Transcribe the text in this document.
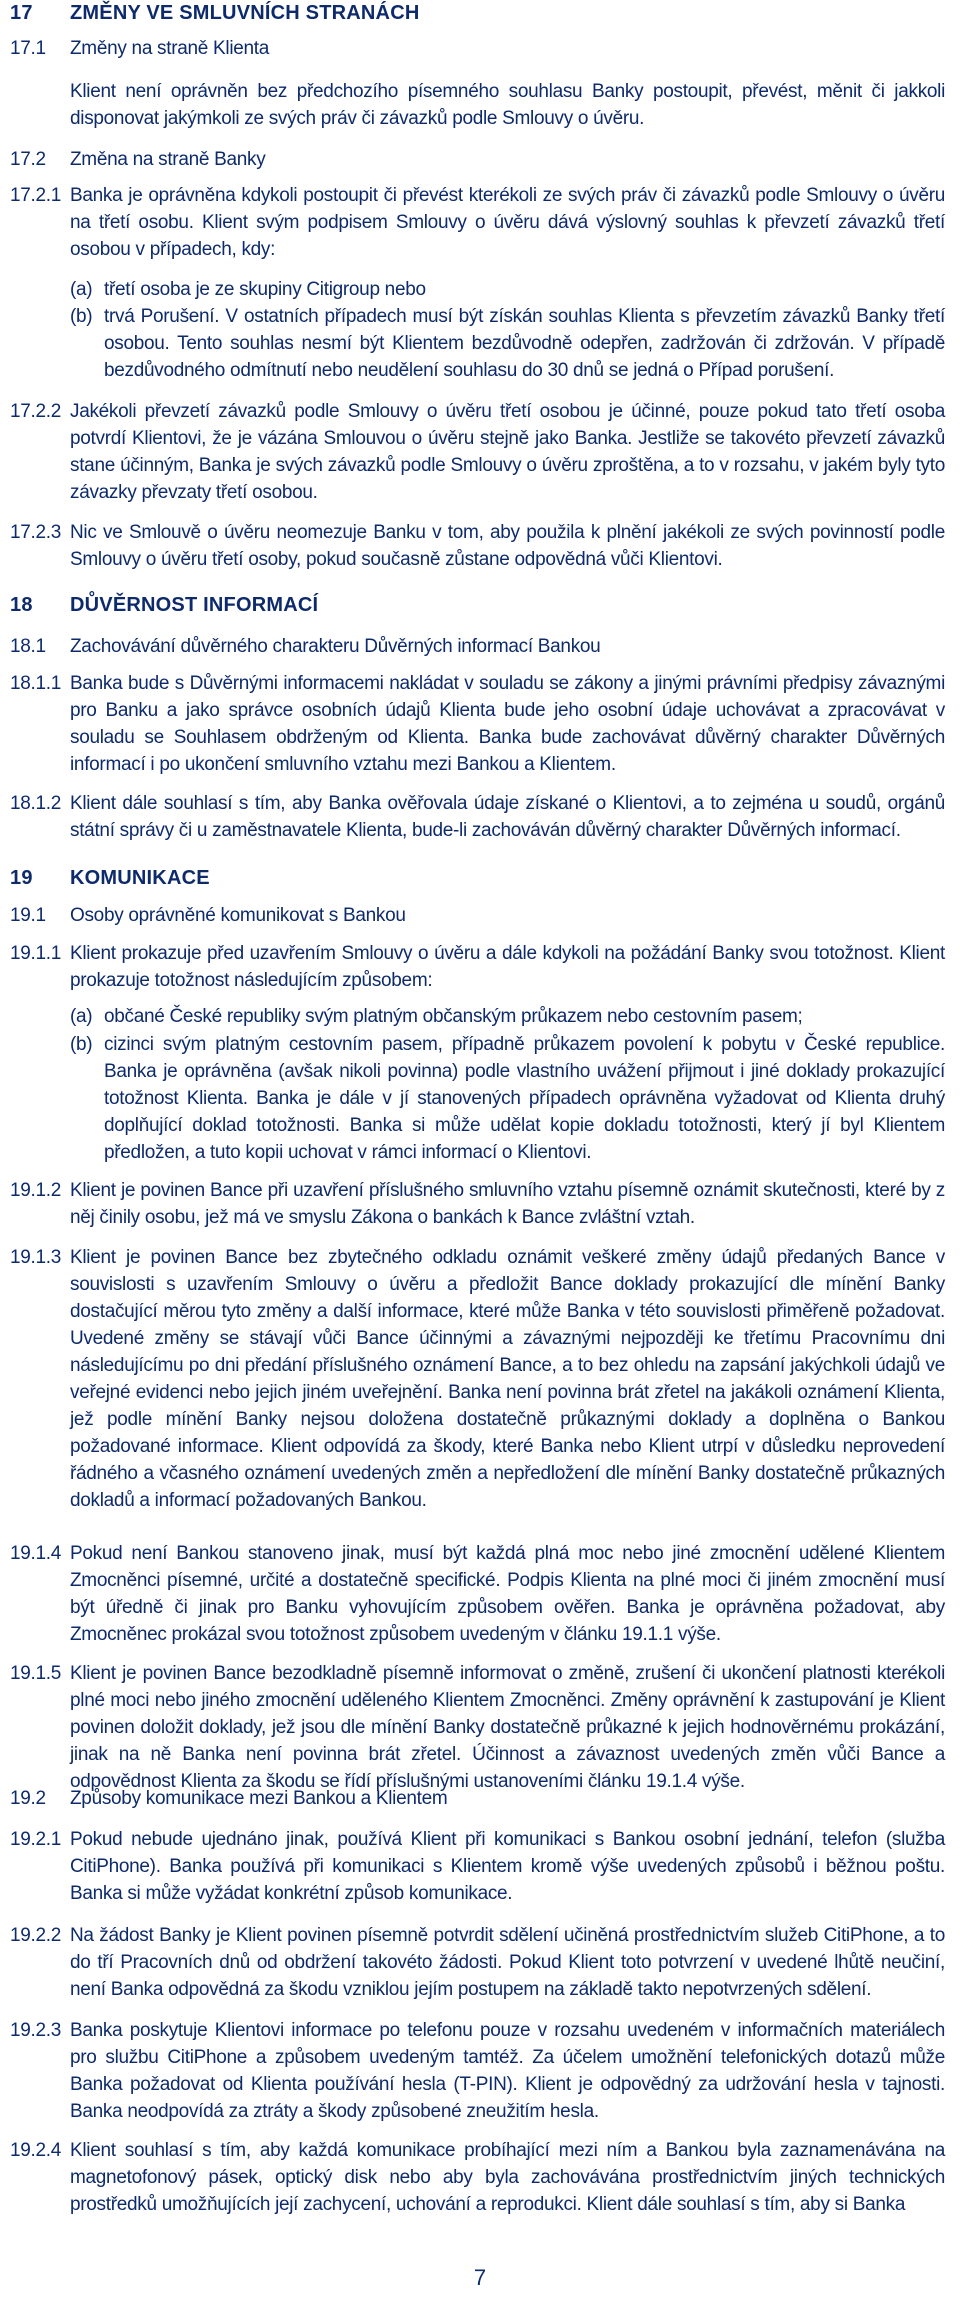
17	ZMĚNY VE SMLUVNÍCH STRANÁCH
17.1	Změny na straně Klienta
Klient není oprávněn bez předchozího písemného souhlasu Banky postoupit, převést, měnit či jakkoli disponovat jakýmkoli ze svých práv či závazků podle Smlouvy o úvěru.
17.2	Změna na straně Banky
17.2.1 Banka je oprávněna kdykoli postoupit či převést kterékoli ze svých práv či závazků podle Smlouvy o úvěru na třetí osobu. Klient svým podpisem Smlouvy o úvěru dává výslovný souhlas k převzetí závazků třetí osobou v případech, kdy:
(a) třetí osoba je ze skupiny Citigroup nebo
(b) trvá Porušení. V ostatních případech musí být získán souhlas Klienta s převzetím závazků Banky třetí osobou. Tento souhlas nesmí být Klientem bezdůvodně odepřen, zadržován či zdržován. V případě bezdůvodného odmítnutí nebo neudělení souhlasu do 30 dnů se jedná o Případ porušení.
17.2.2 Jakékoli převzetí závazků podle Smlouvy o úvěru třetí osobou je účinné, pouze pokud tato třetí osoba potvrdí Klientovi, že je vázána Smlouvou o úvěru stejně jako Banka. Jestliže se takovéto převzetí závazků stane účinným, Banka je svých závazků podle Smlouvy o úvěru zproštěna, a to v rozsahu, v jakém byly tyto závazky převzaty třetí osobou.
17.2.3 Nic ve Smlouvě o úvěru neomezuje Banku v tom, aby použila k plnění jakékoli ze svých povinností podle Smlouvy o úvěru třetí osoby, pokud současně zůstane odpovědná vůči Klientovi.
18	DŮVĚRNOST INFORMACÍ
18.1	Zachovávání důvěrného charakteru Důvěrných informací Bankou
18.1.1 Banka bude s Důvěrnými informacemi nakládat v souladu se zákony a jinými právními předpisy závaznými pro Banku a jako správce osobních údajů Klienta bude jeho osobní údaje uchovávat a zpracovávat v souladu se Souhlasem obdrženým od Klienta. Banka bude zachovávat důvěrný charakter Důvěrných informací i po ukončení smluvního vztahu mezi Bankou a Klientem.
18.1.2 Klient dále souhlasí s tím, aby Banka ověřovala údaje získané o Klientovi, a to zejména u soudů, orgánů státní správy či u zaměstnavatele Klienta, bude-li zachováván důvěrný charakter Důvěrných informací.
19	KOMUNIKACE
19.1	Osoby oprávněné komunikovat s Bankou
19.1.1 Klient prokazuje před uzavřením Smlouvy o úvěru a dále kdykoli na požádání Banky svou totožnost. Klient prokazuje totožnost následujícím způsobem:
(a) občané České republiky svým platným občanským průkazem nebo cestovním pasem;
(b) cizinci svým platným cestovním pasem, případně průkazem povolení k pobytu v České republice. Banka je oprávněna (avšak nikoli povinna) podle vlastního uvážení přijmout i jiné doklady prokazující totožnost Klienta. Banka je dále v jí stanovených případech oprávněna vyžadovat od Klienta druhý doplňující doklad totožnosti. Banka si může udělat kopie dokladu totožnosti, který jí byl Klientem předložen, a tuto kopii uchovat v rámci informací o Klientovi.
19.1.2 Klient je povinen Bance při uzavření příslušného smluvního vztahu písemně oznámit skutečnosti, které by z něj činily osobu, jež má ve smyslu Zákona o bankách k Bance zvláštní vztah.
19.1.3 Klient je povinen Bance bez zbytečného odkladu oznámit veškeré změny údajů předaných Bance v souvislosti s uzavřením Smlouvy o úvěru a předložit Bance doklady prokazující dle mínění Banky dostačující měrou tyto změny a další informace, které může Banka v této souvislosti přiměřeně požadovat. Uvedené změny se stávají vůči Bance účinnými a závaznými nejpozději ke třetímu Pracovnímu dni následujícímu po dni předání příslušného oznámení Bance, a to bez ohledu na zapsání jakýchkoli údajů ve veřejné evidenci nebo jejich jiném uveřejnění. Banka není povinna brát zřetel na jakákoli oznámení Klienta, jež podle mínění Banky nejsou doložena dostatečně průkaznými doklady a doplněna o Bankou požadované informace. Klient odpovídá za škody, které Banka nebo Klient utrpí v důsledku neprovedení řádného a včasného oznámení uvedených změn a nepředložení dle mínění Banky dostatečně průkazných dokladů a informací požadovaných Bankou.
19.1.4 Pokud není Bankou stanoveno jinak, musí být každá plná moc nebo jiné zmocnění udělené Klientem Zmocněnci písemné, určité a dostatečně specifické. Podpis Klienta na plné moci či jiném zmocnění musí být úředně či jinak pro Banku vyhovujícím způsobem ověřen. Banka je oprávněna požadovat, aby Zmocněnec prokázal svou totožnost způsobem uvedeným v článku 19.1.1 výše.
19.1.5 Klient je povinen Bance bezodkladně písemně informovat o změně, zrušení či ukončení platnosti kterékoli plné moci nebo jiného zmocnění uděleného Klientem Zmocněnci. Změny oprávnění k zastupování je Klient povinen doložit doklady, jež jsou dle mínění Banky dostatečně průkazné k jejich hodnověrnému prokázání, jinak na ně Banka není povinna brát zřetel. Účinnost a závaznost uvedených změn vůči Bance a odpovědnost Klienta za škodu se řídí příslušnými ustanoveními článku 19.1.4 výše.
19.2	Způsoby komunikace mezi Bankou a Klientem
19.2.1 Pokud nebude ujednáno jinak, používá Klient při komunikaci s Bankou osobní jednání, telefon (služba CitiPhone). Banka používá při komunikaci s Klientem kromě výše uvedených způsobů i běžnou poštu. Banka si může vyžádat konkrétní způsob komunikace.
19.2.2 Na žádost Banky je Klient povinen písemně potvrdit sdělení učiněná prostřednictvím služeb CitiPhone, a to do tří Pracovních dnů od obdržení takovéto žádosti. Pokud Klient toto potvrzení v uvedené lhůtě neučiní, není Banka odpovědná za škodu vzniklou jejím postupem na základě takto nepotvrzených sdělení.
19.2.3 Banka poskytuje Klientovi informace po telefonu pouze v rozsahu uvedeném v informačních materiálech pro službu CitiPhone a způsobem uvedeným tamtéž. Za účelem umožnění telefonických dotazů může Banka požadovat od Klienta používání hesla (T-PIN). Klient je odpovědný za udržování hesla v tajnosti. Banka neodpovídá za ztráty a škody způsobené zneužitím hesla.
19.2.4 Klient souhlasí s tím, aby každá komunikace probíhající mezi ním a Bankou byla zaznamenávána na magnetofonový pásek, optický disk nebo aby byla zachovávána prostřednictvím jiných technických prostředků umožňujících její zachycení, uchování a reprodukci. Klient dále souhlasí s tím, aby si Banka
7
